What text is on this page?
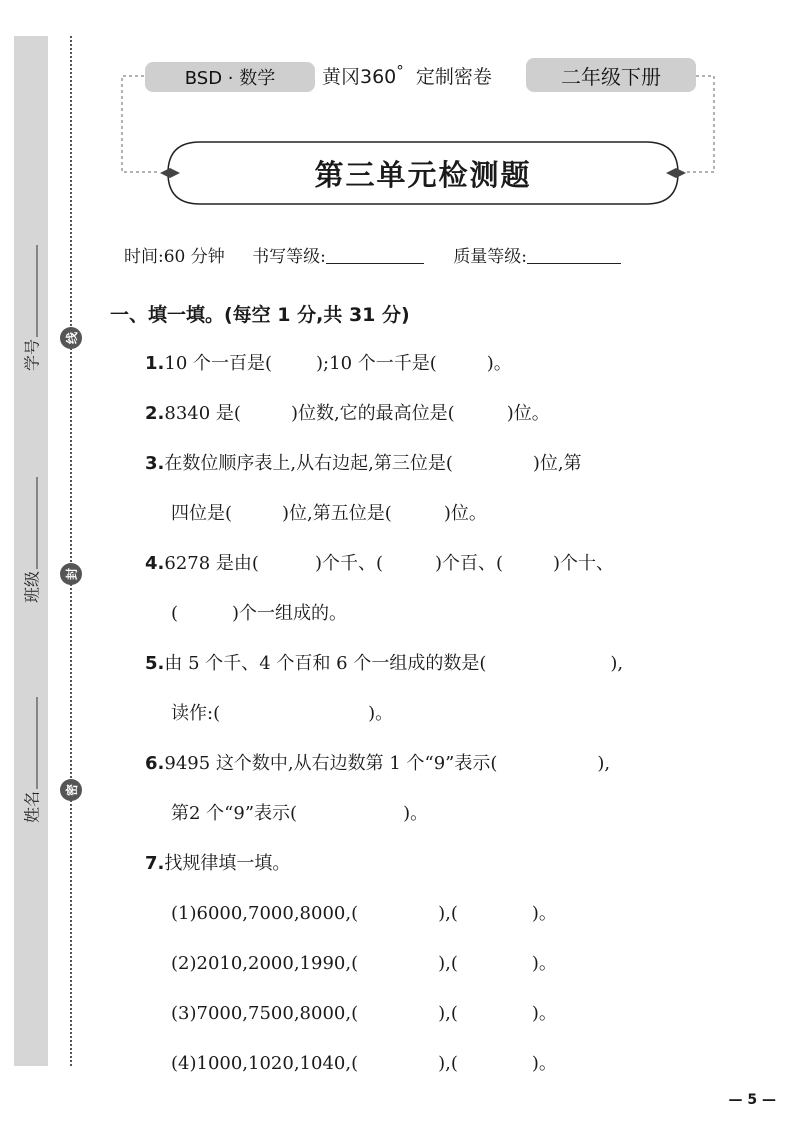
学号
班级
姓名
线
封
密
BSD · 数学	黄冈360° 定制密卷	二年级下册
第三单元检测题
时间:60 分钟 书写等级:	质量等级:
一、填一填。(每空 1 分,共 31 分)
1.10 个一百是( );10 个一千是(	)。
2.8340 是(	)位数,它的最高位是(	)位。
3.在数位顺序表上,从右边起,第三位是(	)位,第
四位是(	)位,第五位是(	)位。
4.6278 是由(	)个千、(	)个百、(	)个十、
(	)个一组成的。
5.由 5 个千、4 个百和 6 个一组成的数是(	),
读作:(	)。
6.9495 这个数中,从右边数第 1 个“9”表示(	),
第2 个“9”表示(	)。
7.找规律填一填。
(1)6000,7000,8000,(	),(	)。
(2)2010,2000,1990,(	),(	)。
(3)7000,7500,8000,(	),(	)。
(4)1000,1020,1040,(	),(	)。
— 5 —
